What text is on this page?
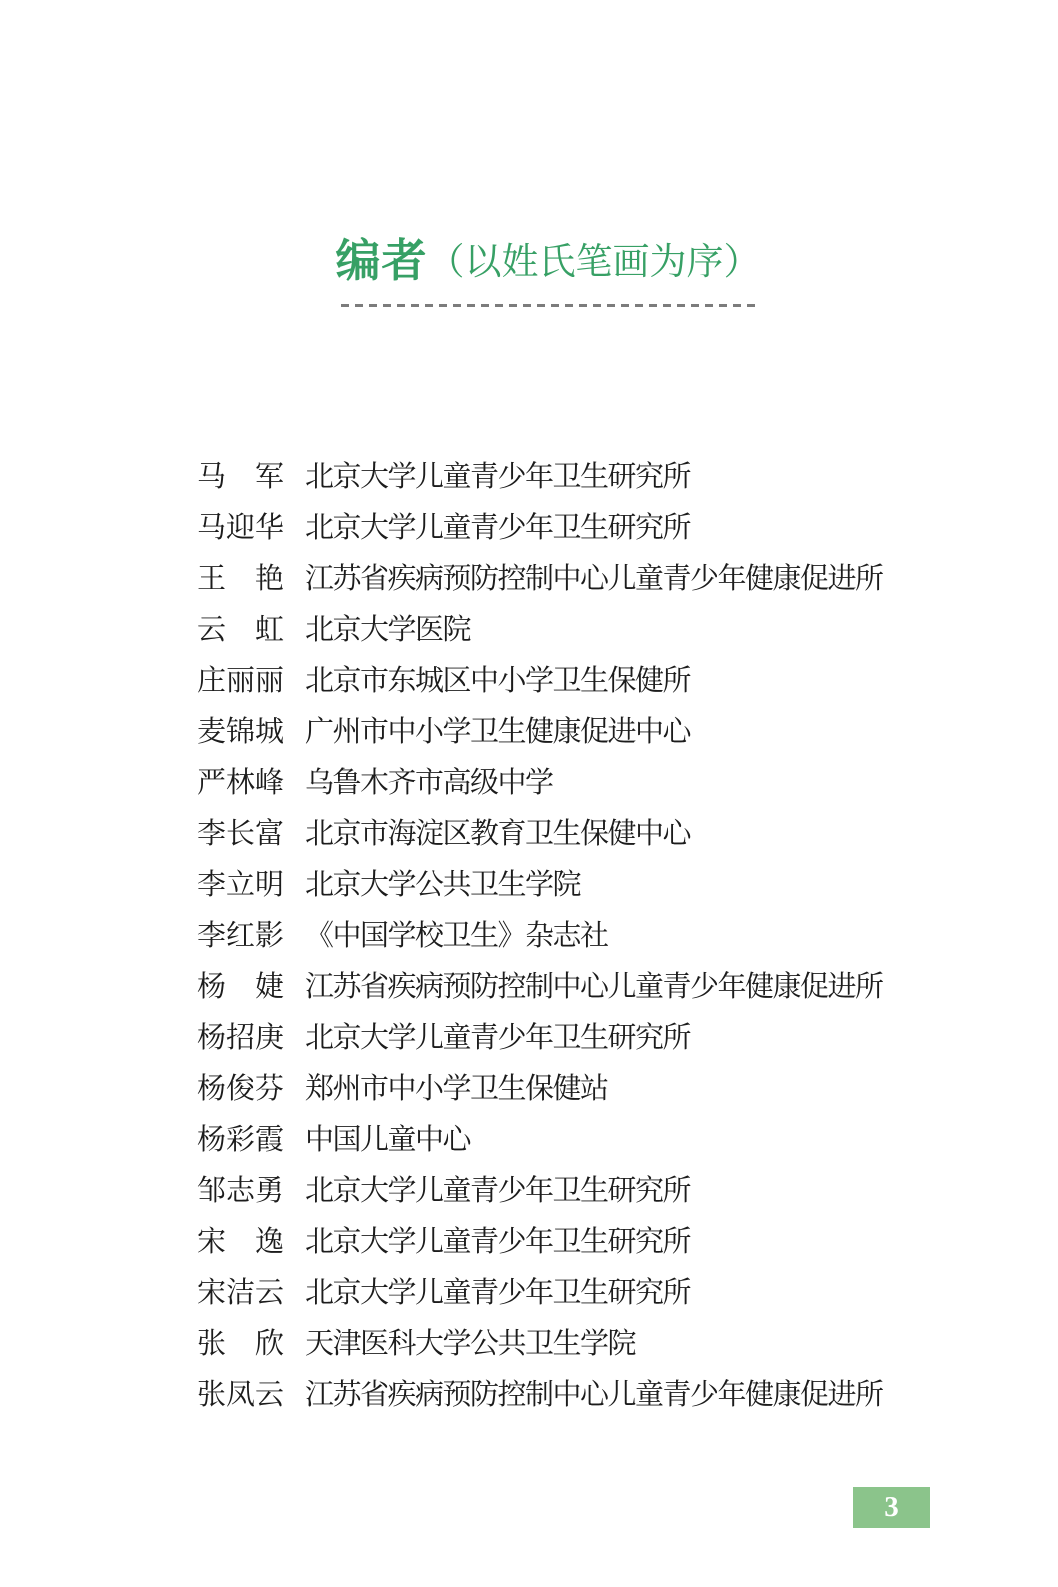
编者（以姓氏笔画为序）
马　军 北京大学儿童青少年卫生研究所
马迎华 北京大学儿童青少年卫生研究所
王　艳 江苏省疾病预防控制中心儿童青少年健康促进所
云　虹 北京大学医院
庄丽丽 北京市东城区中小学卫生保健所
麦锦城 广州市中小学卫生健康促进中心
严林峰 乌鲁木齐市高级中学
李长富 北京市海淀区教育卫生保健中心
李立明 北京大学公共卫生学院
李红影 《中国学校卫生》杂志社
杨　婕 江苏省疾病预防控制中心儿童青少年健康促进所
杨招庚 北京大学儿童青少年卫生研究所
杨俊芬 郑州市中小学卫生保健站
杨彩霞 中国儿童中心
邹志勇 北京大学儿童青少年卫生研究所
宋　逸 北京大学儿童青少年卫生研究所
宋洁云 北京大学儿童青少年卫生研究所
张　欣 天津医科大学公共卫生学院
张凤云 江苏省疾病预防控制中心儿童青少年健康促进所
3
